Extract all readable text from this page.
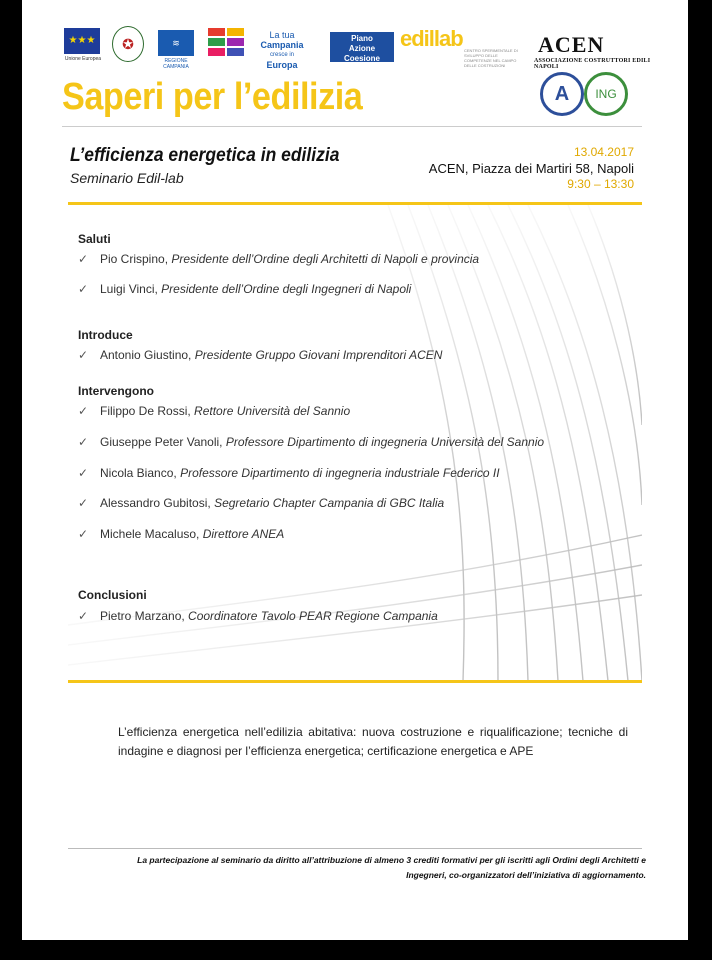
★★★
Unione Europea
✪	≋
REGIONE CAMPANIA
La tua
Campania
cresce in
Europa
Piano
Azione
Coesione
edillab CENTRO SPERIMENTALE DI SVILUPPO DELLE COMPETENZE NEL CAMPO DELLE COSTRUZIONI
ACEN
ASSOCIAZIONE COSTRUTTORI EDILI NAPOLI
A	ING
Saperi per l’edilizia
L’efficienza energetica in edilizia
Seminario Edil-lab
13.04.2017
ACEN, Piazza dei Martiri 58, Napoli
9:30 – 13:30
Saluti
✓ Pio Crispino, Presidente dell’Ordine degli Architetti di Napoli e provincia
✓ Luigi Vinci, Presidente dell’Ordine degli Ingegneri di Napoli
Introduce
✓ Antonio Giustino, Presidente Gruppo Giovani Imprenditori ACEN
Intervengono
✓ Filippo De Rossi, Rettore Università del Sannio
✓ Giuseppe Peter Vanoli, Professore Dipartimento di ingegneria Università del Sannio
✓ Nicola Bianco, Professore Dipartimento di ingegneria industriale Federico II
✓ Alessandro Gubitosi, Segretario Chapter Campania di GBC Italia
✓ Michele Macaluso, Direttore ANEA
Conclusioni
✓ Pietro Marzano, Coordinatore Tavolo PEAR Regione Campania
L’efficienza energetica nell’edilizia abitativa: nuova costruzione e riqualificazione; tecniche di indagine e diagnosi per l’efficienza energetica; certificazione energetica e APE
La partecipazione al seminario da diritto all’attribuzione di almeno 3 crediti formativi per gli iscritti agli Ordini degli Architetti e
Ingegneri, co-organizzatori dell’iniziativa di aggiornamento.
